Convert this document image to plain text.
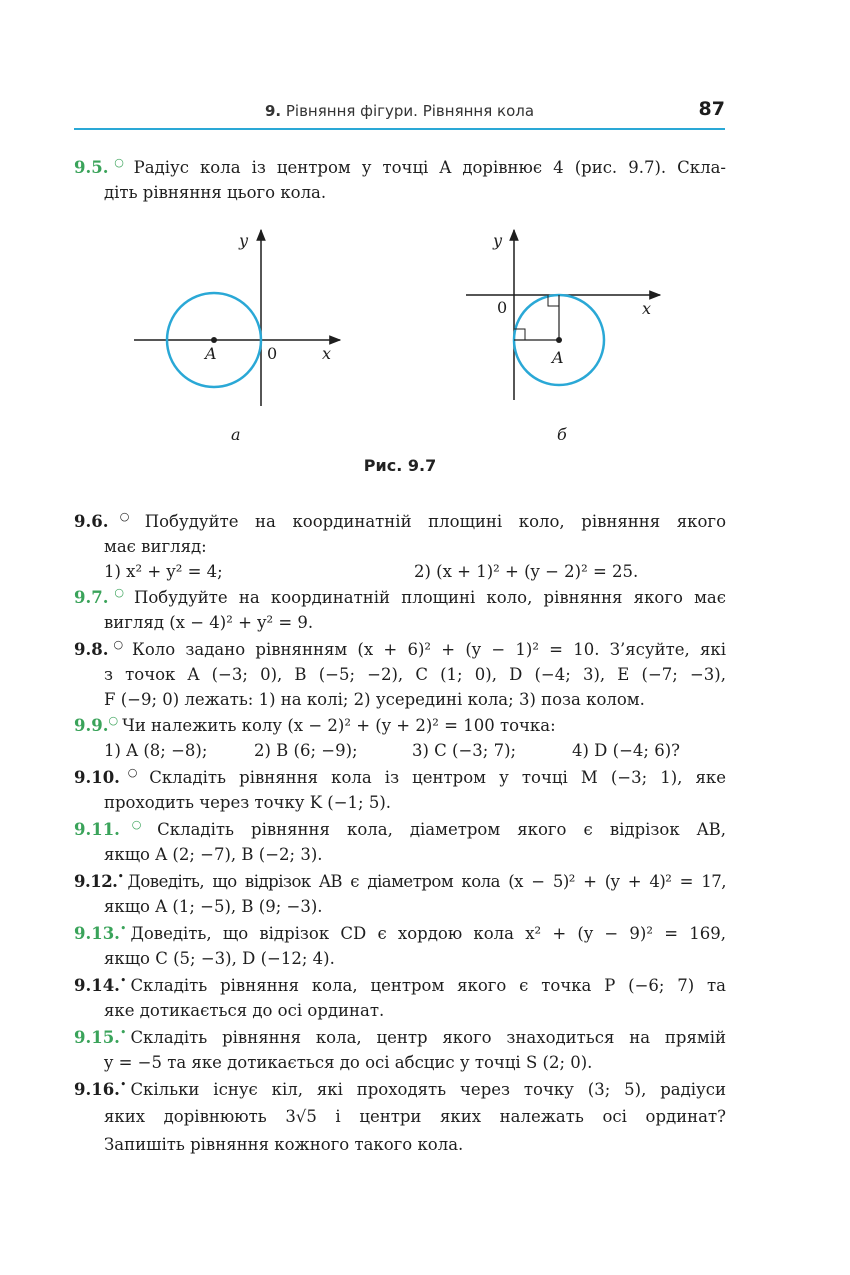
9. Рівняння фігури. Рівняння кола	87
9.5.○ Радіус кола із центром у точці A дорівнює 4 (рис. 9.7). Скла-
діть рівняння цього кола.
y
x
0
A
а
y
x
0
A
б
Рис. 9.7
9.6.○ Побудуйте на координатній площині коло, рівняння якого
має вигляд:
1) x² + y² = 4;	2) (x + 1)² + (y − 2)² = 25.
9.7.○ Побудуйте на координатній площині коло, рівняння якого має
вигляд (x − 4)² + y² = 9.
9.8.○ Коло задано рівнянням (x + 6)² + (y − 1)² = 10. З’ясуйте, які
з точок A (−3; 0), B (−5; −2), C (1; 0), D (−4; 3), E (−7; −3),
F (−9; 0) лежать: 1) на колі; 2) усередині кола; 3) поза колом.
9.9.○ Чи належить колу (x − 2)² + (y + 2)² = 100 точка:
1) A (8; −8);	2) B (6; −9);	3) C (−3; 7);	4) D (−4; 6)?
9.10.○ Складіть рівняння кола із центром у точці M (−3; 1), яке
проходить через точку K (−1; 5).
9.11.○ Складіть рівняння кола, діаметром якого є відрізок AB,
якщо A (2; −7), B (−2; 3).
9.12.• Доведіть, що відрізок AB є діаметром кола (x − 5)² + (y + 4)² = 17,
якщо A (1; −5), B (9; −3).
9.13.• Доведіть, що відрізок CD є хордою кола x² + (y − 9)² = 169,
якщо C (5; −3), D (−12; 4).
9.14.• Складіть рівняння кола, центром якого є точка P (−6; 7) та
яке дотикається до осі ординат.
9.15.• Складіть рівняння кола, центр якого знаходиться на прямій
y = −5 та яке дотикається до осі абсцис у точці S (2; 0).
9.16.• Скільки існує кіл, які проходять через точку (3; 5), радіуси
яких дорівнюють 3√5 і центри яких належать осі ординат?
Запишіть рівняння кожного такого кола.
